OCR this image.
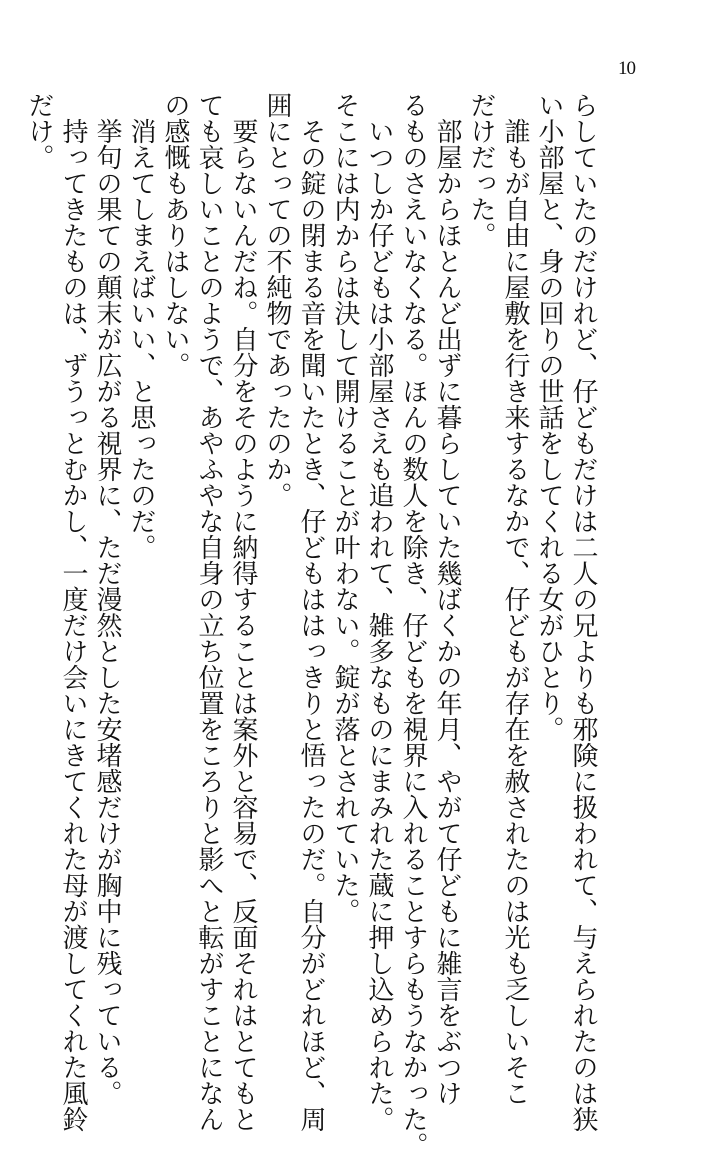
10
らしていたのだけれど、仔どもだけは二人の兄よりも邪険に扱われて、与えられたのは狭
い小部屋と、身の回りの世話をしてくれる女がひとり。
　誰もが自由に屋敷を行き来するなかで、仔どもが存在を赦されたのは光も乏しいそこ
だけだった。
　部屋からほとんど出ずに暮らしていた幾ばくかの年月、やがて仔どもに雑言をぶつけ
るものさえいなくなる。ほんの数人を除き、仔どもを視界に入れることすらもうなかった。
　いつしか仔どもは小部屋さえも追われて、雑多なものにまみれた蔵に押し込められた。
そこには内からは決して開けることが叶わない。錠が落とされていた。
　その錠の閉まる音を聞いたとき、仔どもははっきりと悟ったのだ。自分がどれほど、周
囲にとっての不純物であったのか。
　要らないんだね。自分をそのように納得することは案外と容易で、反面それはとてもと
ても哀しいことのようで、あやふやな自身の立ち位置をころりと影へと転がすことになん
の感慨もありはしない。
　消えてしまえばいい、と思ったのだ。
　挙句の果ての顛末が広がる視界に、ただ漫然とした安堵感だけが胸中に残っている。
　持ってきたものは、ずうっとむかし、一度だけ会いにきてくれた母が渡してくれた風鈴
だけ。
